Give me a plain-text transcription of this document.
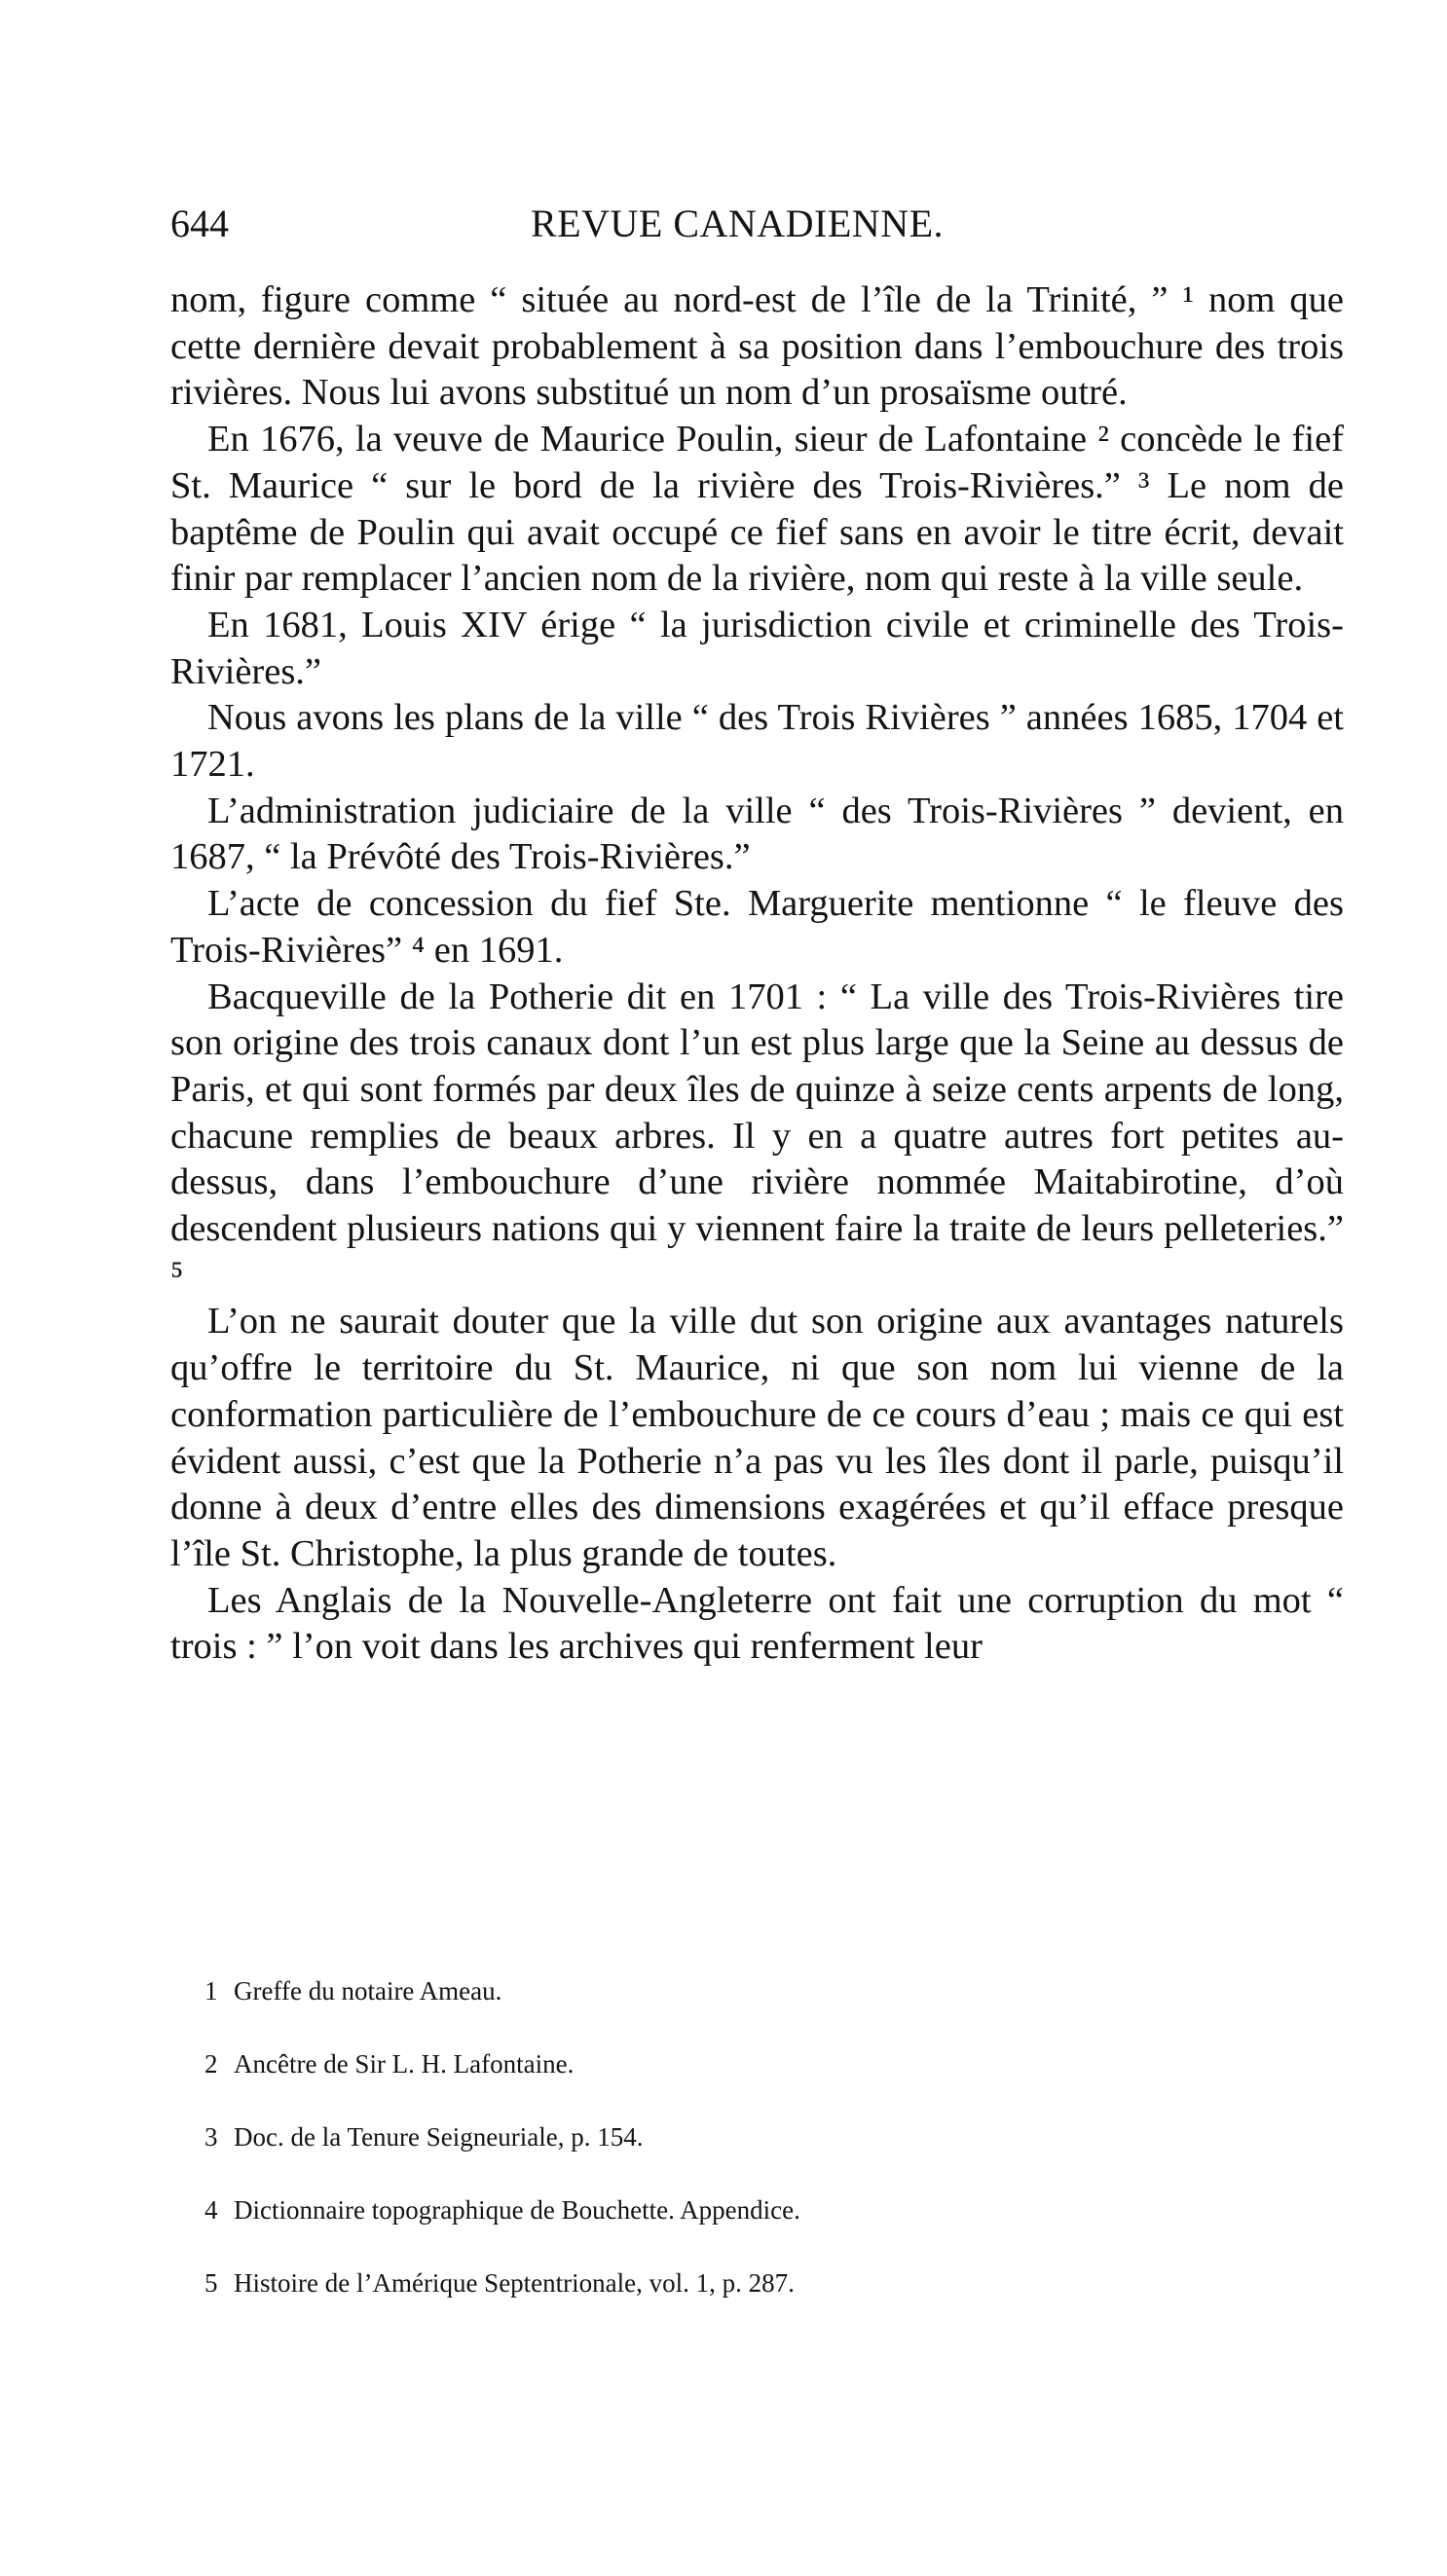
644	REVUE CANADIENNE.

nom, figure comme “ située au nord-est de l’île de la Trinité, ” ¹ nom que cette dernière devait probablement à sa position dans l’embouchure des trois rivières. Nous lui avons substitué un nom d’un prosaïsme outré.

En 1676, la veuve de Maurice Poulin, sieur de Lafontaine ² concède le fief St. Maurice “ sur le bord de la rivière des Trois-Rivières.” ³ Le nom de baptême de Poulin qui avait occupé ce fief sans en avoir le titre écrit, devait finir par remplacer l’ancien nom de la rivière, nom qui reste à la ville seule.

En 1681, Louis XIV érige “ la jurisdiction civile et criminelle des Trois-Rivières.”

Nous avons les plans de la ville “ des Trois Rivières ” années 1685, 1704 et 1721.

L’administration judiciaire de la ville “ des Trois-Rivières ” devient, en 1687, “ la Prévôté des Trois-Rivières.”

L’acte de concession du fief Ste. Marguerite mentionne “ le fleuve des Trois-Rivières” ⁴ en 1691.

Bacqueville de la Potherie dit en 1701 : “ La ville des Trois-Rivières tire son origine des trois canaux dont l’un est plus large que la Seine au dessus de Paris, et qui sont formés par deux îles de quinze à seize cents arpents de long, chacune remplies de beaux arbres. Il y en a quatre autres fort petites au-dessus, dans l’embouchure d’une rivière nommée Maitabirotine, d’où descendent plusieurs nations qui y viennent faire la traite de leurs pelleteries.” ⁵

L’on ne saurait douter que la ville dut son origine aux avantages naturels qu’offre le territoire du St. Maurice, ni que son nom lui vienne de la conformation particulière de l’embouchure de ce cours d’eau ; mais ce qui est évident aussi, c’est que la Potherie n’a pas vu les îles dont il parle, puisqu’il donne à deux d’entre elles des dimensions exagérées et qu’il efface presque l’île St. Christophe, la plus grande de toutes.

Les Anglais de la Nouvelle-Angleterre ont fait une corruption du mot “ trois : ” l’on voit dans les archives qui renferment leur

1 Greffe du notaire Ameau.
2 Ancêtre de Sir L. H. Lafontaine.
3 Doc. de la Tenure Seigneuriale, p. 154.
4 Dictionnaire topographique de Bouchette. Appendice.
5 Histoire de l’Amérique Septentrionale, vol. 1, p. 287.
